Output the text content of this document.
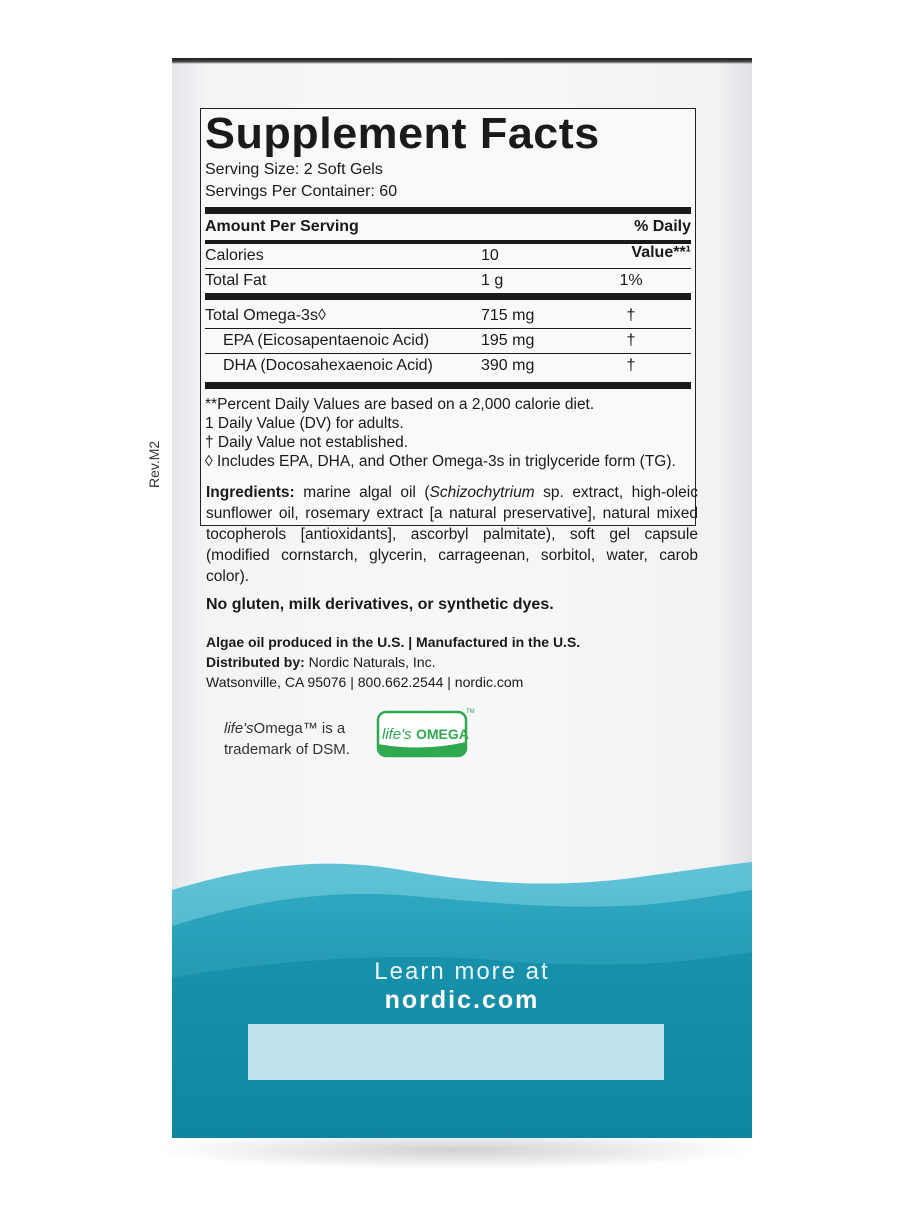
Rev.M2
Supplement Facts
Serving Size: 2 Soft Gels
Servings Per Container: 60
Amount Per Serving	% Daily Value**¹
Calories	10
Total Fat	1 g	1%
Total Omega-3s◊	715 mg	†
EPA (Eicosapentaenoic Acid)	195 mg	†
DHA (Docosahexaenoic Acid)	390 mg	†
**Percent Daily Values are based on a 2,000 calorie diet.
1 Daily Value (DV) for adults.
† Daily Value not established.
◊ Includes EPA, DHA, and Other Omega-3s in triglyceride form (TG).
Ingredients: marine algal oil (Schizochytrium sp. extract, high-oleic sunflower oil, rosemary extract [a natural preservative], natural mixed tocopherols [antioxidants], ascorbyl palmitate), soft gel capsule (modified cornstarch, glycerin, carrageenan, sorbitol, water, carob color).
No gluten, milk derivatives, or synthetic dyes.
Algae oil produced in the U.S. | Manufactured in the U.S.
Distributed by: Nordic Naturals, Inc.
Watsonville, CA 95076 | 800.662.2544 | nordic.com
life'sOmega™ is a
trademark of DSM.
life's OMEGA
TM
Learn more at
nordic.com
